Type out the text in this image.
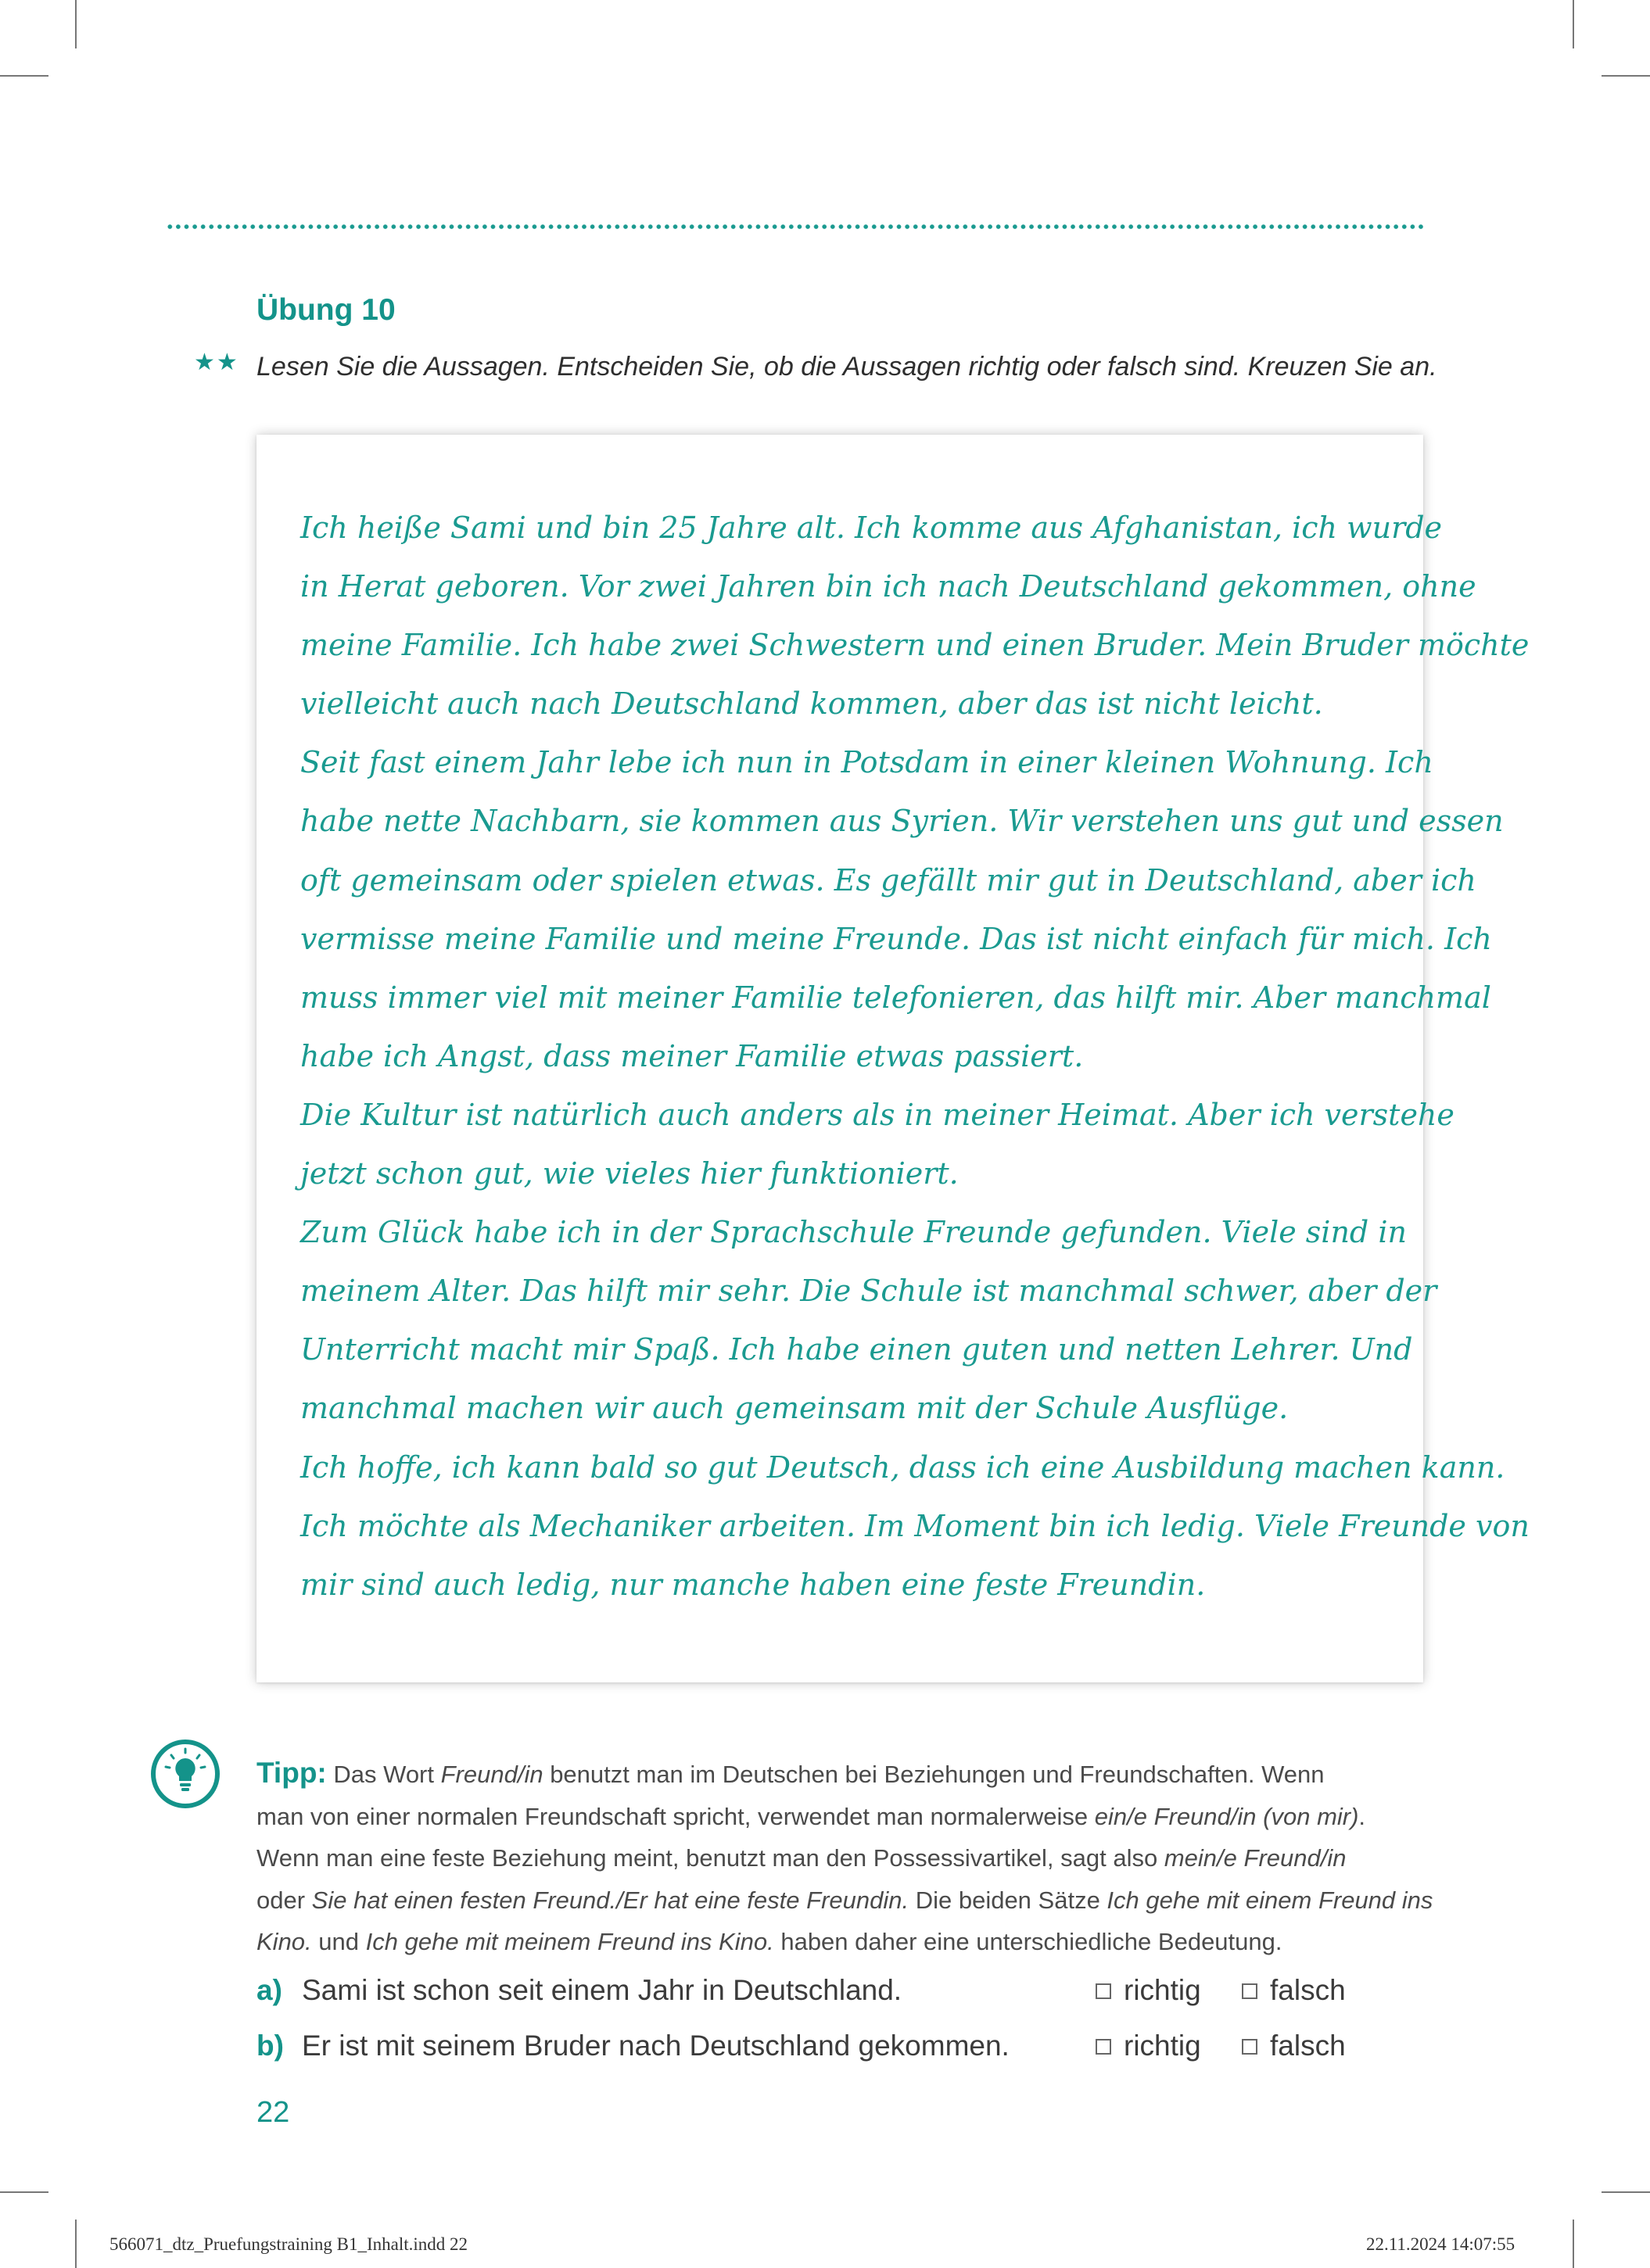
Übung 10
★★ Lesen Sie die Aussagen. Entscheiden Sie, ob die Aussagen richtig oder falsch sind. Kreuzen Sie an.
Ich heiße Sami und bin 25 Jahre alt. Ich komme aus Afghanistan, ich wurde
in Herat geboren. Vor zwei Jahren bin ich nach Deutschland gekommen, ohne
meine Familie. Ich habe zwei Schwestern und einen Bruder. Mein Bruder möchte
vielleicht auch nach Deutschland kommen, aber das ist nicht leicht.
Seit fast einem Jahr lebe ich nun in Potsdam in einer kleinen Wohnung. Ich
habe nette Nachbarn, sie kommen aus Syrien. Wir verstehen uns gut und essen
oft gemeinsam oder spielen etwas. Es gefällt mir gut in Deutschland, aber ich
vermisse meine Familie und meine Freunde. Das ist nicht einfach für mich. Ich
muss immer viel mit meiner Familie telefonieren, das hilft mir. Aber manchmal
habe ich Angst, dass meiner Familie etwas passiert.
Die Kultur ist natürlich auch anders als in meiner Heimat. Aber ich verstehe
jetzt schon gut, wie vieles hier funktioniert.
Zum Glück habe ich in der Sprachschule Freunde gefunden. Viele sind in
meinem Alter. Das hilft mir sehr. Die Schule ist manchmal schwer, aber der
Unterricht macht mir Spaß. Ich habe einen guten und netten Lehrer. Und
manchmal machen wir auch gemeinsam mit der Schule Ausflüge.
Ich hoffe, ich kann bald so gut Deutsch, dass ich eine Ausbildung machen kann.
Ich möchte als Mechaniker arbeiten. Im Moment bin ich ledig. Viele Freunde von
mir sind auch ledig, nur manche haben eine feste Freundin.
Tipp: Das Wort Freund/in benutzt man im Deutschen bei Beziehungen und Freundschaften. Wenn
man von einer normalen Freundschaft spricht, verwendet man normalerweise ein/e Freund/in (von mir).
Wenn man eine feste Beziehung meint, benutzt man den Possessivartikel, sagt also mein/e Freund/in
oder Sie hat einen festen Freund./Er hat eine feste Freundin. Die beiden Sätze Ich gehe mit einem Freund ins
Kino. und Ich gehe mit meinem Freund ins Kino. haben daher eine unterschiedliche Bedeutung.
a) Sami ist schon seit einem Jahr in Deutschland.	richtig	falsch
b) Er ist mit seinem Bruder nach Deutschland gekommen.	richtig	falsch
22
566071_dtz_Pruefungstraining B1_Inhalt.indd 22	22.11.2024 14:07:55
